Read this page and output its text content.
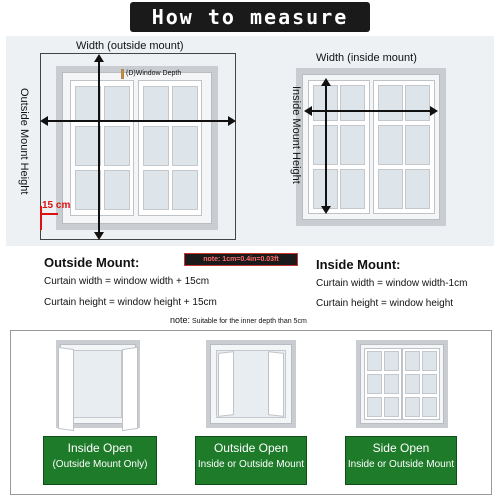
How to measure
Width (outside mount)
(D)Window Depth
Outside Mount Height
15 cm
Width (inside mount)
Inside Mount Height
note: 1cm=0.4in=0.03ft
Outside Mount:
Curtain width = window width + 15cm
Curtain height = window height + 15cm
Inside Mount:
Curtain width = window width-1cm
Curtain height = window height
note: Suitable for the inner depth than 5cm
Inside Open
(Outside Mount Only)
Outside Open
Inside or Outside Mount
Side Open
Inside or Outside Mount
